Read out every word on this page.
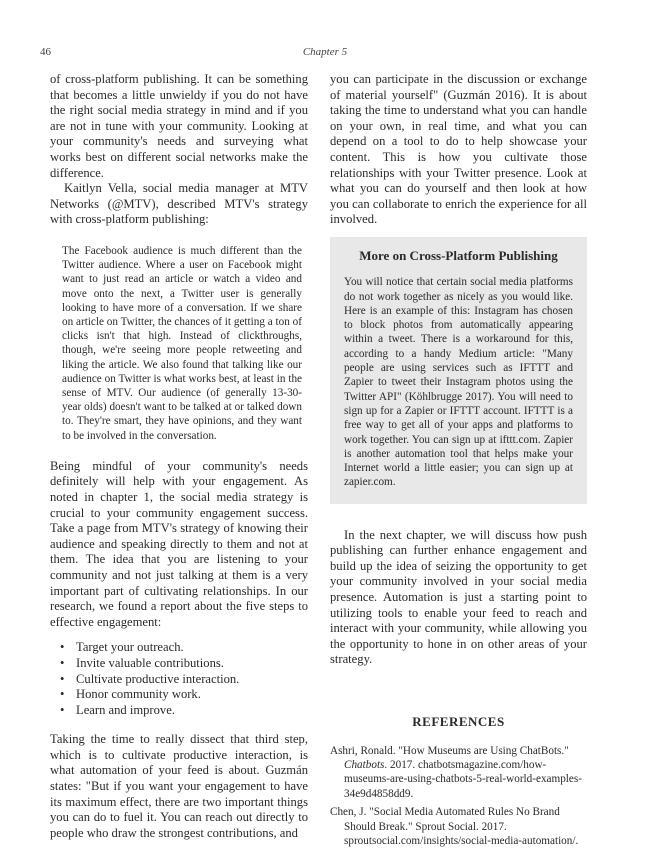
46	Chapter 5

of cross-platform publishing. It can be something that becomes a little unwieldy if you do not have the right social media strategy in mind and if you are not in tune with your community. Looking at your community's needs and surveying what works best on different social networks make the difference.

Kaitlyn Vella, social media manager at MTV Networks (@MTV), described MTV's strategy with cross-platform publishing:

The Facebook audience is much different than the Twitter audience. Where a user on Facebook might want to just read an article or watch a video and move onto the next, a Twitter user is generally looking to have more of a conversation. If we share on article on Twitter, the chances of it getting a ton of clicks isn't that high. Instead of clickthroughs, though, we're seeing more people retweeting and liking the article. We also found that talking like our audience on Twitter is what works best, at least in the sense of MTV. Our audience (of generally 13-30-year olds) doesn't want to be talked at or talked down to. They're smart, they have opinions, and they want to be involved in the conversation.

Being mindful of your community's needs definitely will help with your engagement. As noted in chapter 1, the social media strategy is crucial to your community engagement success. Take a page from MTV's strategy of knowing their audience and speaking directly to them and not at them. The idea that you are listening to your community and not just talking at them is a very important part of cultivating relationships. In our research, we found a report about the five steps to effective engagement:

• Target your outreach.
• Invite valuable contributions.
• Cultivate productive interaction.
• Honor community work.
• Learn and improve.

Taking the time to really dissect that third step, which is to cultivate productive interaction, is what automation of your feed is about. Guzmán states: "But if you want your engagement to have its maximum effect, there are two important things you can do to fuel it. You can reach out directly to people who draw the strongest contributions, and

you can participate in the discussion or exchange of material yourself" (Guzmán 2016). It is about taking the time to understand what you can handle on your own, in real time, and what you can depend on a tool to do to help showcase your content. This is how you cultivate those relationships with your Twitter presence. Look at what you can do yourself and then look at how you can collaborate to enrich the experience for all involved.

More on Cross-Platform Publishing

You will notice that certain social media platforms do not work together as nicely as you would like. Here is an example of this: Instagram has chosen to block photos from automatically appearing within a tweet. There is a workaround for this, according to a handy Medium article: "Many people are using services such as IFTTT and Zapier to tweet their Instagram photos using the Twitter API" (Köhlbrugge 2017). You will need to sign up for a Zapier or IFTTT account. IFTTT is a free way to get all of your apps and platforms to work together. You can sign up at ifttt.com. Zapier is another automation tool that helps make your Internet world a little easier; you can sign up at zapier.com.

In the next chapter, we will discuss how push publishing can further enhance engagement and build up the idea of seizing the opportunity to get your community involved in your social media presence. Automation is just a starting point to utilizing tools to enable your feed to reach and interact with your community, while allowing you the opportunity to hone in on other areas of your strategy.

REFERENCES

Ashri, Ronald. "How Museums are Using ChatBots." Chatbots. 2017. chatbotsmagazine.com/how-museums-are-using-chatbots-5-real-world-examples-34e9d4858dd9.

Chen, J. "Social Media Automated Rules No Brand Should Break." Sprout Social. 2017. sproutsocial.com/insights/social-media-automation/.
